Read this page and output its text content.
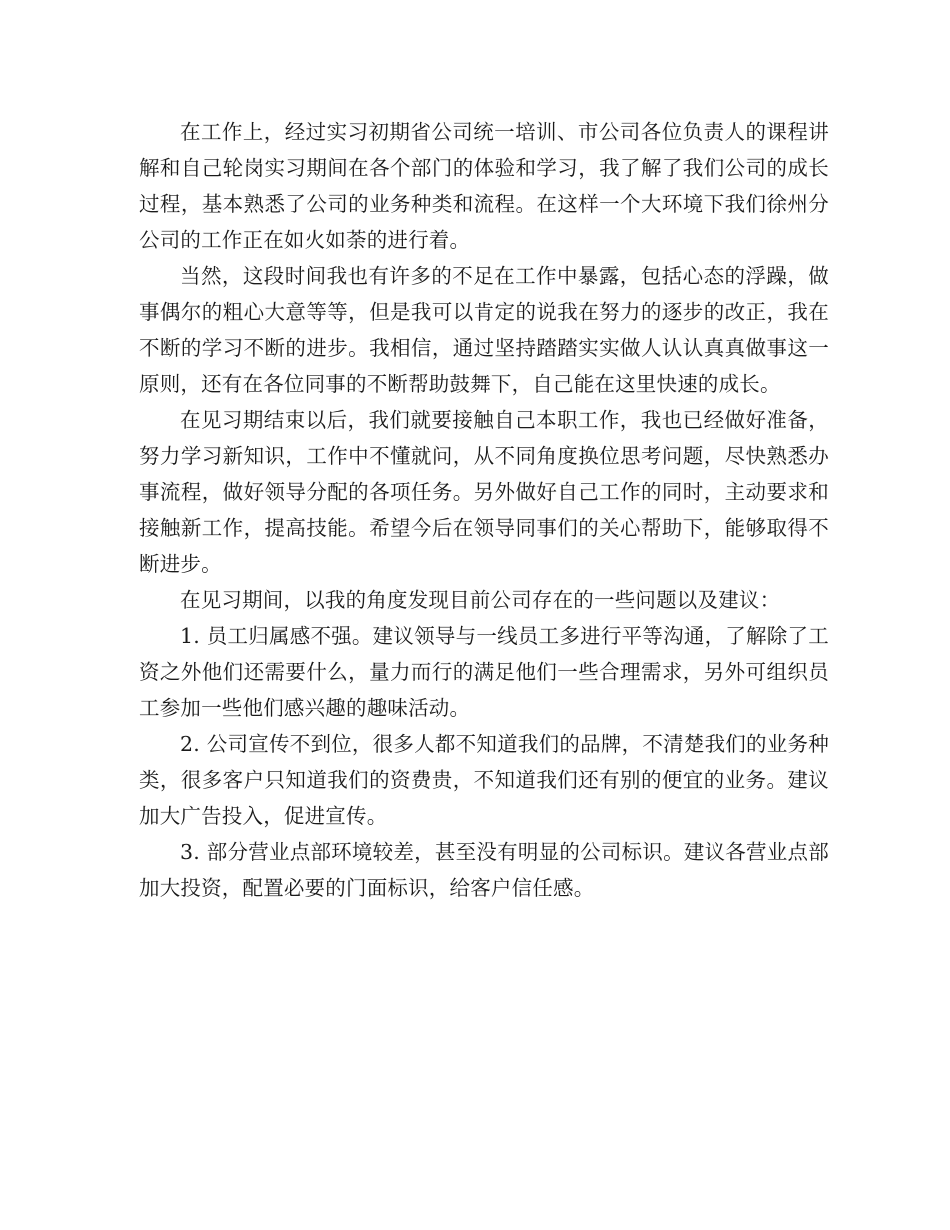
在工作上，经过实习初期省公司统一培训、市公司各位负责人的课程讲解和自己轮岗实习期间在各个部门的体验和学习，我了解了我们公司的成长过程，基本熟悉了公司的业务种类和流程。在这样一个大环境下我们徐州分公司的工作正在如火如荼的进行着。

当然，这段时间我也有许多的不足在工作中暴露，包括心态的浮躁，做事偶尔的粗心大意等等，但是我可以肯定的说我在努力的逐步的改正，我在不断的学习不断的进步。我相信，通过坚持踏踏实实做人认认真真做事这一原则，还有在各位同事的不断帮助鼓舞下，自己能在这里快速的成长。

在见习期结束以后，我们就要接触自己本职工作，我也已经做好准备，努力学习新知识，工作中不懂就问，从不同角度换位思考问题，尽快熟悉办事流程，做好领导分配的各项任务。另外做好自己工作的同时，主动要求和接触新工作，提高技能。希望今后在领导同事们的关心帮助下，能够取得不断进步。

在见习期间，以我的角度发现目前公司存在的一些问题以及建议：

1. 员工归属感不强。建议领导与一线员工多进行平等沟通，了解除了工资之外他们还需要什么，量力而行的满足他们一些合理需求，另外可组织员工参加一些他们感兴趣的趣味活动。

2. 公司宣传不到位，很多人都不知道我们的品牌，不清楚我们的业务种类，很多客户只知道我们的资费贵，不知道我们还有别的便宜的业务。建议加大广告投入，促进宣传。

3. 部分营业点部环境较差，甚至没有明显的公司标识。建议各营业点部加大投资，配置必要的门面标识，给客户信任感。
